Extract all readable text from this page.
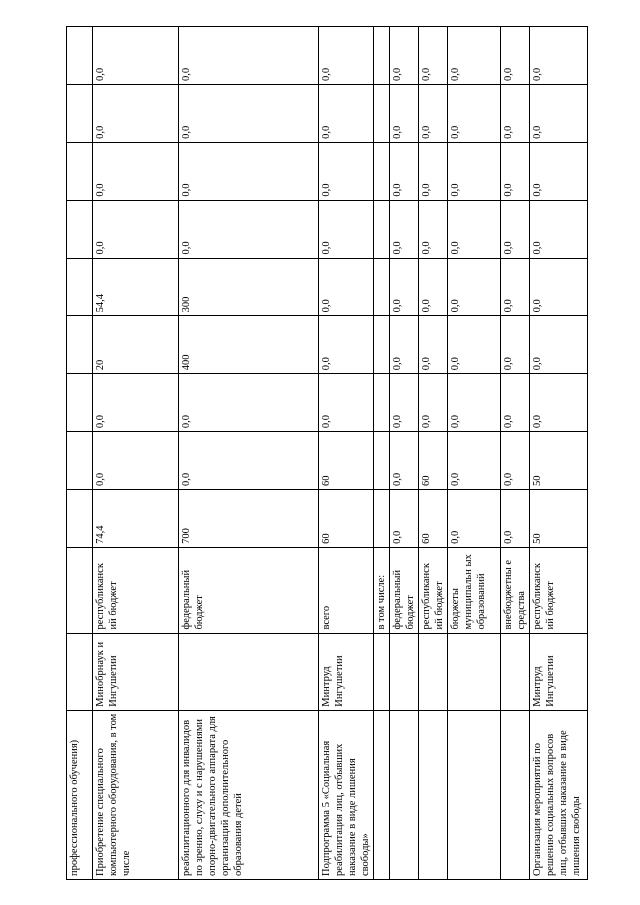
профессионального обучения)											
Приобретение специального компьютерного оборудования, в том числе	Минобрнаук и Ингушетии	республиканск ий бюджет	74,4	0,0	0,0	20	54,4	0,0	0,0	0,0	0,0
реабилитационного для инвалидов по зрению, слуху и с нарушениями опорно-двигательного аппарата для организаций дополнительного образования детей		федеральный бюджет	700	0,0	0,0	400	300	0,0	0,0	0,0	0,0
Подпрограмма 5 «Социальная реабилитация лиц, отбывших наказание в виде лишения свободы»	Минтруд Ингушетии	всего	60	60	0,0	0,0	0,0	0,0	0,0	0,0	0,0
		в том числе:									
		федеральный бюджет	0,0	0,0	0,0	0,0	0,0	0,0	0,0	0,0	0,0
		республиканск ий бюджет	60	60	0,0	0,0	0,0	0,0	0,0	0,0	0,0
		бюджеты муниципальн ых образований	0,0	0,0	0,0	0,0	0,0	0,0	0,0	0,0	0,0
		внебюджетны е средства	0,0	0,0	0,0	0,0	0,0	0,0	0,0	0,0	0,0
Организация мероприятий по решению социальных вопросов лиц, отбывших наказание в виде лишения свободы	Минтруд Ингушетии	республиканск ий бюджет	50	50	0,0	0,0	0,0	0,0	0,0	0,0	0,0
